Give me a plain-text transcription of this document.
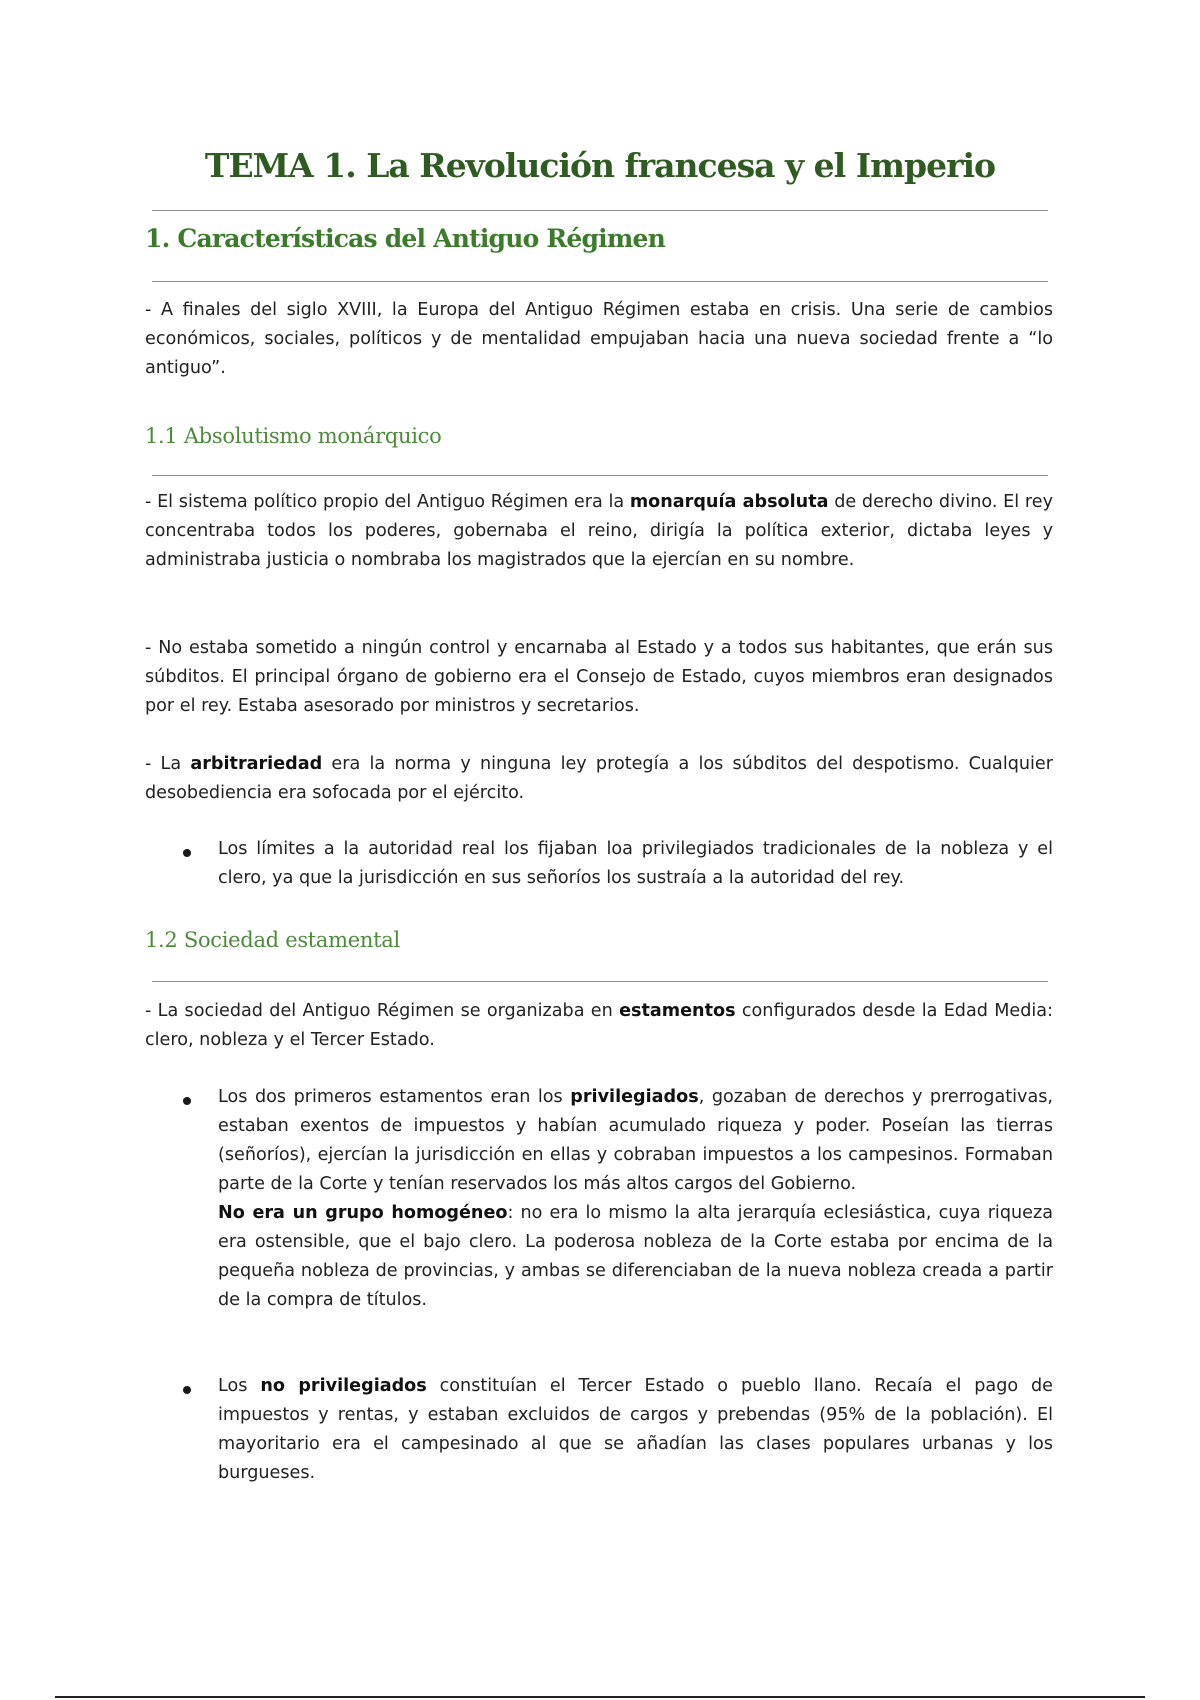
TEMA 1. La Revolución francesa y el Imperio
1. Características del Antiguo Régimen
- A finales del siglo XVIII, la Europa del Antiguo Régimen estaba en crisis. Una serie de cambios económicos, sociales, políticos y de mentalidad empujaban hacia una nueva sociedad frente a “lo antiguo”.
1.1 Absolutismo monárquico
- El sistema político propio del Antiguo Régimen era la monarquía absoluta de derecho divino. El rey concentraba todos los poderes, gobernaba el reino, dirigía la política exterior, dictaba leyes y administraba justicia o nombraba los magistrados que la ejercían en su nombre.
- No estaba sometido a ningún control y encarnaba al Estado y a todos sus habitantes, que erán sus súbditos. El principal órgano de gobierno era el Consejo de Estado, cuyos miembros eran designados por el rey. Estaba asesorado por ministros y secretarios.
- La arbitrariedad era la norma y ninguna ley protegía a los súbditos del despotismo. Cualquier desobediencia era sofocada por el ejército.
Los límites a la autoridad real los fijaban loa privilegiados tradicionales de la nobleza y el clero, ya que la jurisdicción en sus señoríos los sustraía a la autoridad del rey.
1.2 Sociedad estamental
- La sociedad del Antiguo Régimen se organizaba en estamentos configurados desde la Edad Media: clero, nobleza y el Tercer Estado.
Los dos primeros estamentos eran los privilegiados, gozaban de derechos y prerrogativas, estaban exentos de impuestos y habían acumulado riqueza y poder. Poseían las tierras (señoríos), ejercían la jurisdicción en ellas y cobraban impuestos a los campesinos. Formaban parte de la Corte y tenían reservados los más altos cargos del Gobierno.
No era un grupo homogéneo: no era lo mismo la alta jerarquía eclesiástica, cuya riqueza era ostensible, que el bajo clero. La poderosa nobleza de la Corte estaba por encima de la pequeña nobleza de provincias, y ambas se diferenciaban de la nueva nobleza creada a partir de la compra de títulos.
Los no privilegiados constituían el Tercer Estado o pueblo llano. Recaía el pago de impuestos y rentas, y estaban excluidos de cargos y prebendas (95% de la población). El mayoritario era el campesinado al que se añadían las clases populares urbanas y los burgueses.
